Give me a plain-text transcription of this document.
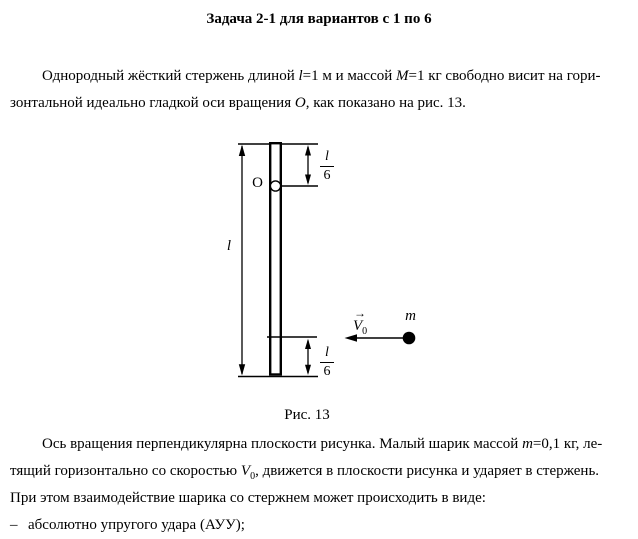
Задача 2-1 для вариантов с 1 по 6
Однородный жёсткий стержень длиной l=1 м и массой M=1 кг свободно висит на гори-
зонтальной идеально гладкой оси вращения О, как показано на рис. 13.
l
О	$\frac{l}{6}$
$\frac{l}{6}$
→
$V_0$
m
Рис. 13
Ось вращения перпендикулярна плоскости рисунка. Малый шарик массой m=0,1 кг, ле-
тящий горизонтально со скоростью $V_0$, движется в плоскости рисунка и ударяет в стержень.
При этом взаимодействие шарика со стержнем может происходить в виде:
– абсолютно упругого удара (АУУ);
